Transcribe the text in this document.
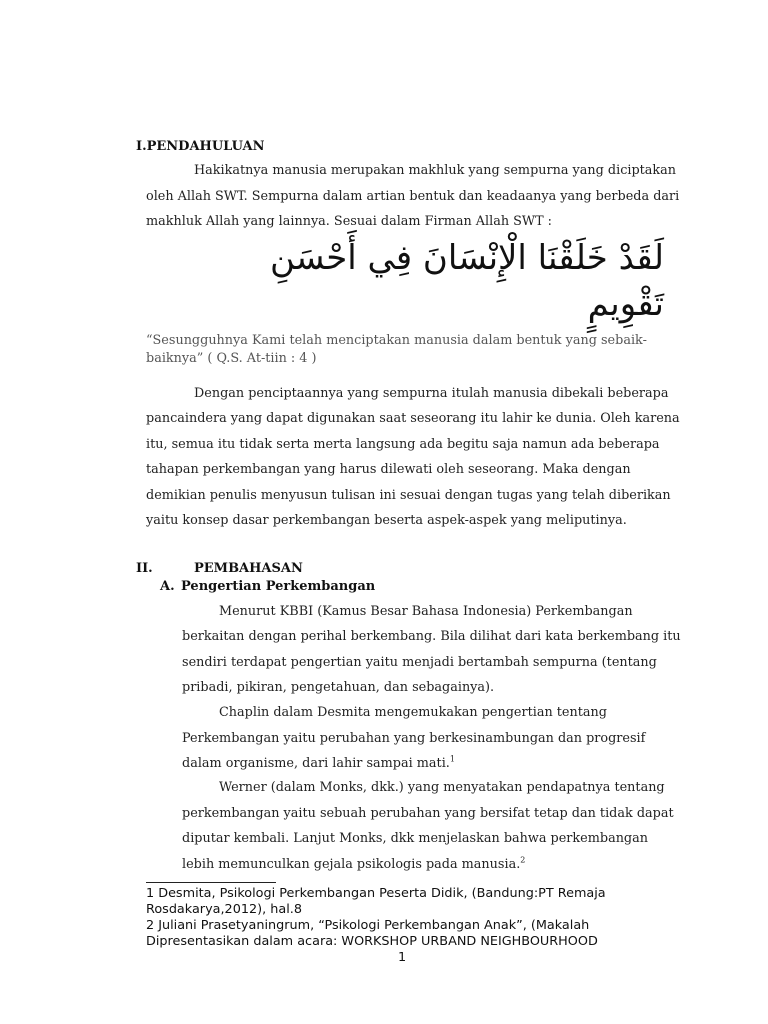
I.PENDAHULUAN
Hakikatnya manusia merupakan makhluk yang sempurna yang diciptakan
oleh Allah SWT. Sempurna dalam artian bentuk dan keadaanya yang berbeda dari
makhluk Allah yang lainnya. Sesuai dalam Firman Allah SWT :
لَقَدْ خَلَقْنَا الْإِنْسَانَ فِي أَحْسَنِ
تَقْوِيمٍ
“Sesungguhnya Kami telah menciptakan manusia dalam bentuk yang sebaik-
baiknya” ( Q.S. At-tiin : 4 )
Dengan penciptaannya yang sempurna itulah manusia dibekali beberapa
pancaindera yang dapat digunakan saat seseorang itu lahir ke dunia. Oleh karena
itu, semua itu tidak serta merta langsung ada begitu saja namun ada beberapa
tahapan perkembangan yang harus dilewati oleh seseorang. Maka dengan
demikian penulis menyusun tulisan ini sesuai dengan tugas yang telah diberikan
yaitu konsep dasar perkembangan beserta aspek-aspek yang meliputinya.
II.	PEMBAHASAN
A. Pengertian Perkembangan
Menurut KBBI (Kamus Besar Bahasa Indonesia) Perkembangan
berkaitan dengan perihal berkembang. Bila dilihat dari kata berkembang itu
sendiri terdapat pengertian yaitu menjadi bertambah sempurna (tentang
pribadi, pikiran, pengetahuan, dan sebagainya).
Chaplin dalam Desmita mengemukakan pengertian tentang
Perkembangan yaitu perubahan yang berkesinambungan dan progresif
dalam organisme, dari lahir sampai mati.$^1$
Werner (dalam Monks, dkk.) yang menyatakan pendapatnya tentang
perkembangan yaitu sebuah perubahan yang bersifat tetap dan tidak dapat
diputar kembali. Lanjut Monks, dkk menjelaskan bahwa perkembangan
lebih memunculkan gejala psikologis pada manusia.$^2$
1 Desmita, Psikologi Perkembangan Peserta Didik, (Bandung:PT Remaja
Rosdakarya,2012), hal.8
2 Juliani Prasetyaningrum, “Psikologi Perkembangan Anak”, (Makalah
Dipresentasikan dalam acara: WORKSHOP URBAND NEIGHBOURHOOD
1
